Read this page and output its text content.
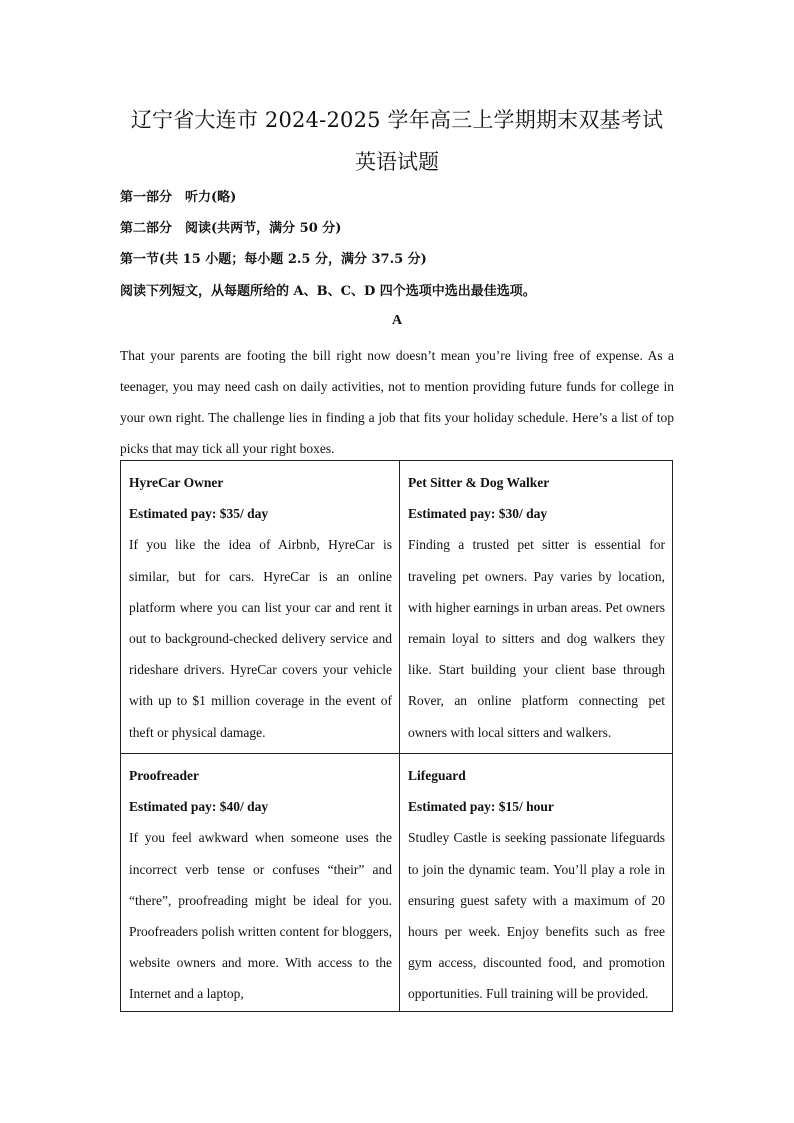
辽宁省大连市 2024-2025 学年高三上学期期末双基考试
英语试题
第一部分　听力(略)
第二部分　阅读(共两节，满分 50 分)
第一节(共 15 小题；每小题 2.5 分，满分 37.5 分)
阅读下列短文，从每题所给的 A、B、C、D 四个选项中选出最佳选项。
A
That your parents are footing the bill right now doesn’t mean you’re living free of expense. As a teenager, you may need cash on daily activities, not to mention providing future funds for college in your own right. The challenge lies in finding a job that fits your holiday schedule. Here’s a list of top picks that may tick all your right boxes.
HyreCar Owner
Estimated pay: $35/ day
If you like the idea of Airbnb, HyreCar is similar, but for cars. HyreCar is an online platform where you can list your car and rent it out to background-checked delivery service and rideshare drivers. HyreCar covers your vehicle with up to $1 million coverage in the event of theft or physical damage.
Pet Sitter & Dog Walker
Estimated pay: $30/ day
Finding a trusted pet sitter is essential for traveling pet owners. Pay varies by location, with higher earnings in urban areas. Pet owners remain loyal to sitters and dog walkers they like. Start building your client base through Rover, an online platform connecting pet owners with local sitters and walkers.
Proofreader
Estimated pay: $40/ day
If you feel awkward when someone uses the incorrect verb tense or confuses “their” and “there”, proofreading might be ideal for you. Proofreaders polish written content for bloggers, website owners and more. With access to the Internet and a laptop,
Lifeguard
Estimated pay: $15/ hour
Studley Castle is seeking passionate lifeguards to join the dynamic team. You’ll play a role in ensuring guest safety with a maximum of 20 hours per week. Enjoy benefits such as free gym access, discounted food, and promotion opportunities. Full training will be provided.
